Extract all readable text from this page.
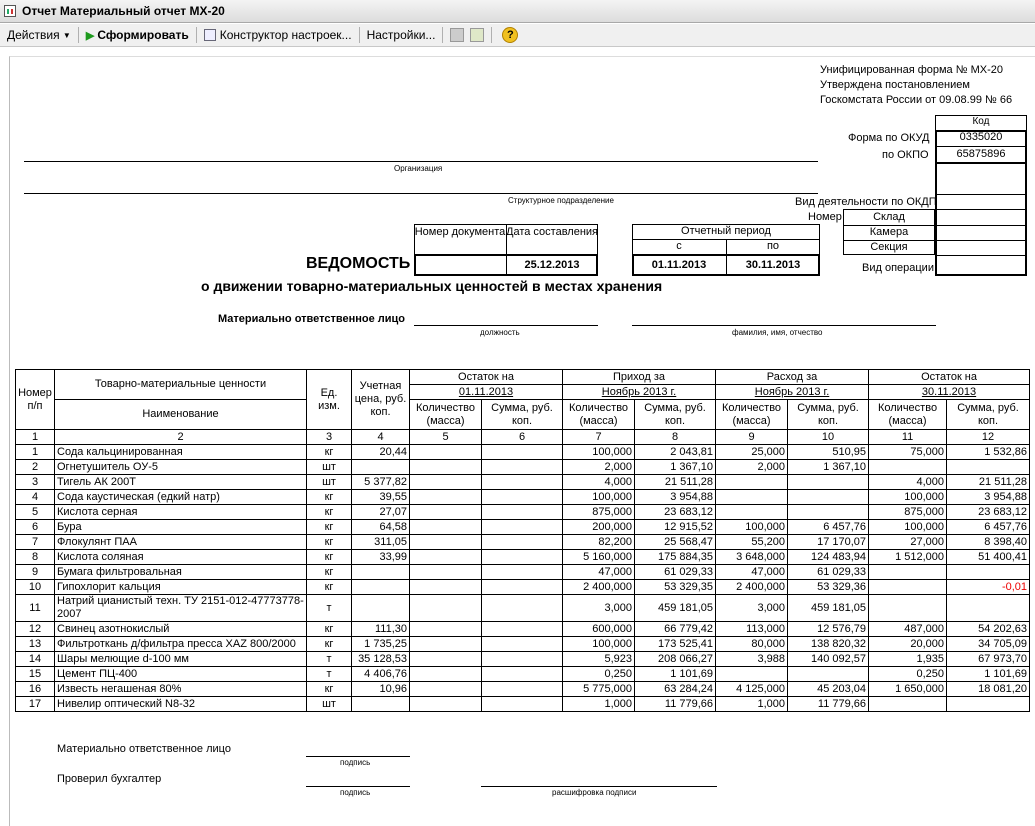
Отчет Материальный отчет МХ-20
Действия
▼ ▶ Сформировать	Конструктор настроек... Настройки...	?
Унифицированная форма № МХ-20
Утверждена постановлением
Госкомстата России от 09.08.99 № 66
Код
0335020
65875896
Форма по ОКУД
по ОКПО
Вид деятельности по ОКДП
Номер	Склад
Камера
Секция
Вид операции
Организация
Структурное подразделение
Номер документа Дата составления
25.12.2013
Отчетный период
с	по
01.11.2013	30.11.2013
ВЕДОМОСТЬ
о движении товарно-материальных ценностей в местах хранения
Материально ответственное лицо
должность	фамилия, имя, отчество
Номер п/п	Товарно-материальные ценности	Ед. изм.	Учетная цена, руб. коп.	Остаток на		Приход за		Расход за		Остаток на	
				01.11.2013		Ноябрь 2013 г.		Ноябрь 2013 г.		30.11.2013	
	Наименование			Количество (масса)	Сумма, руб. коп.	Количество (масса)	Сумма, руб. коп.	Количество (масса)	Сумма, руб. коп.	Количество (масса)	Сумма, руб. коп.
1	2	3	4	5	6	7	8	9	10	11	12
1	Сода кальцинированная	кг	20,44			100,000	2 043,81	25,000	510,95	75,000	1 532,86
2	Огнетушитель ОУ-5	шт				2,000	1 367,10	2,000	1 367,10		
3	Тигель АК 200Т	шт	5 377,82			4,000	21 511,28			4,000	21 511,28
4	Сода каустическая (едкий натр)	кг	39,55			100,000	3 954,88			100,000	3 954,88
5	Кислота серная	кг	27,07			875,000	23 683,12			875,000	23 683,12
6	Бура	кг	64,58			200,000	12 915,52	100,000	6 457,76	100,000	6 457,76
7	Флокулянт ПАА	кг	311,05			82,200	25 568,47	55,200	17 170,07	27,000	8 398,40
8	Кислота соляная	кг	33,99			5 160,000	175 884,35	3 648,000	124 483,94	1 512,000	51 400,41
9	Бумага фильтровальная	кг				47,000	61 029,33	47,000	61 029,33		
10	Гипохлорит кальция	кг				2 400,000	53 329,35	2 400,000	53 329,36		-0,01
11	Натрий цианистый техн. ТУ 2151-012-47773778-2007	т				3,000	459 181,05	3,000	459 181,05		
12	Свинец азотнокислый	кг	111,30			600,000	66 779,42	113,000	12 576,79	487,000	54 202,63
13	Фильтроткань д/фильтра пресса XAZ 800/2000	кг	1 735,25			100,000	173 525,41	80,000	138 820,32	20,000	34 705,09
14	Шары мелющие d-100 мм	т	35 128,53			5,923	208 066,27	3,988	140 092,57	1,935	67 973,70
15	Цемент ПЦ-400	т	4 406,76			0,250	1 101,69			0,250	1 101,69
16	Известь негашеная 80%	кг	10,96			5 775,000	63 284,24	4 125,000	45 203,04	1 650,000	18 081,20
17	Нивелир оптический N8-32	шт				1,000	11 779,66	1,000	11 779,66		
Материально ответственное лицо
подпись
Проверил бухгалтер
подпись	расшифровка подписи
